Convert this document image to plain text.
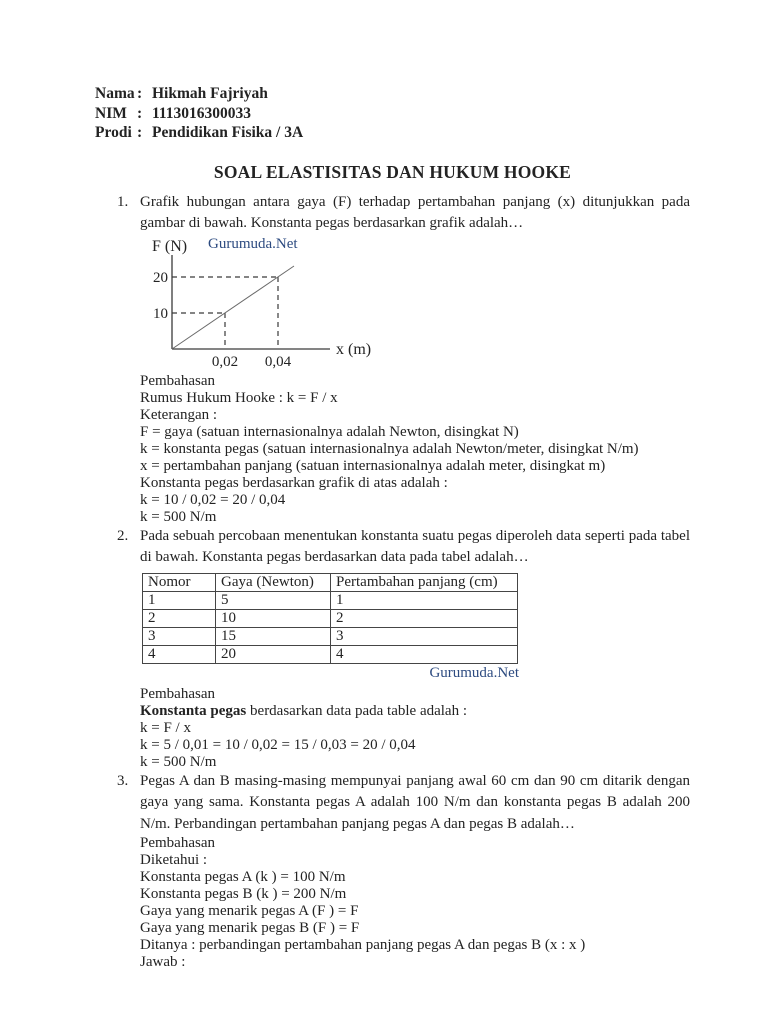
Nama : Hikmah Fajriyah
NIM : 1113016300033
Prodi : Pendidikan Fisika / 3A
SOAL ELASTISITAS DAN HUKUM HOOKE
1. Grafik hubungan antara gaya (F) terhadap pertambahan panjang (x) ditunjukkan pada gambar di bawah. Konstanta pegas berdasarkan grafik adalah…
F (N)
20
10
0,02 0,04
x (m)
Gurumuda.Net
Pembahasan
Rumus Hukum Hooke : k = F / x
Keterangan :
F = gaya (satuan internasionalnya adalah Newton, disingkat N)
k = konstanta pegas (satuan internasionalnya adalah Newton/meter, disingkat N/m)
x = pertambahan panjang (satuan internasionalnya adalah meter, disingkat m)
Konstanta pegas berdasarkan grafik di atas adalah :
k = 10 / 0,02 = 20 / 0,04
k = 500 N/m
2. Pada sebuah percobaan menentukan konstanta suatu pegas diperoleh data seperti pada tabel di bawah. Konstanta pegas berdasarkan data pada tabel adalah…
Nomor	Gaya (Newton)	Pertambahan panjang (cm)
1	5	1
2	10	2
3	15	3
4	20	4
Gurumuda.Net
Pembahasan
Konstanta pegas berdasarkan data pada table adalah :
k = F / x
k = 5 / 0,01 = 10 / 0,02 = 15 / 0,03 = 20 / 0,04
k = 500 N/m
3. Pegas A dan B masing-masing mempunyai panjang awal 60 cm dan 90 cm ditarik dengan gaya yang sama. Konstanta pegas A adalah 100 N/m dan konstanta pegas B adalah 200 N/m. Perbandingan pertambahan panjang pegas A dan pegas B adalah…
Pembahasan
Diketahui :
Konstanta pegas A (k ) = 100 N/m
Konstanta pegas B (k ) = 200 N/m
Gaya yang menarik pegas A (F ) = F
Gaya yang menarik pegas B (F ) = F
Ditanya : perbandingan pertambahan panjang pegas A dan pegas B (x : x )
Jawab :
